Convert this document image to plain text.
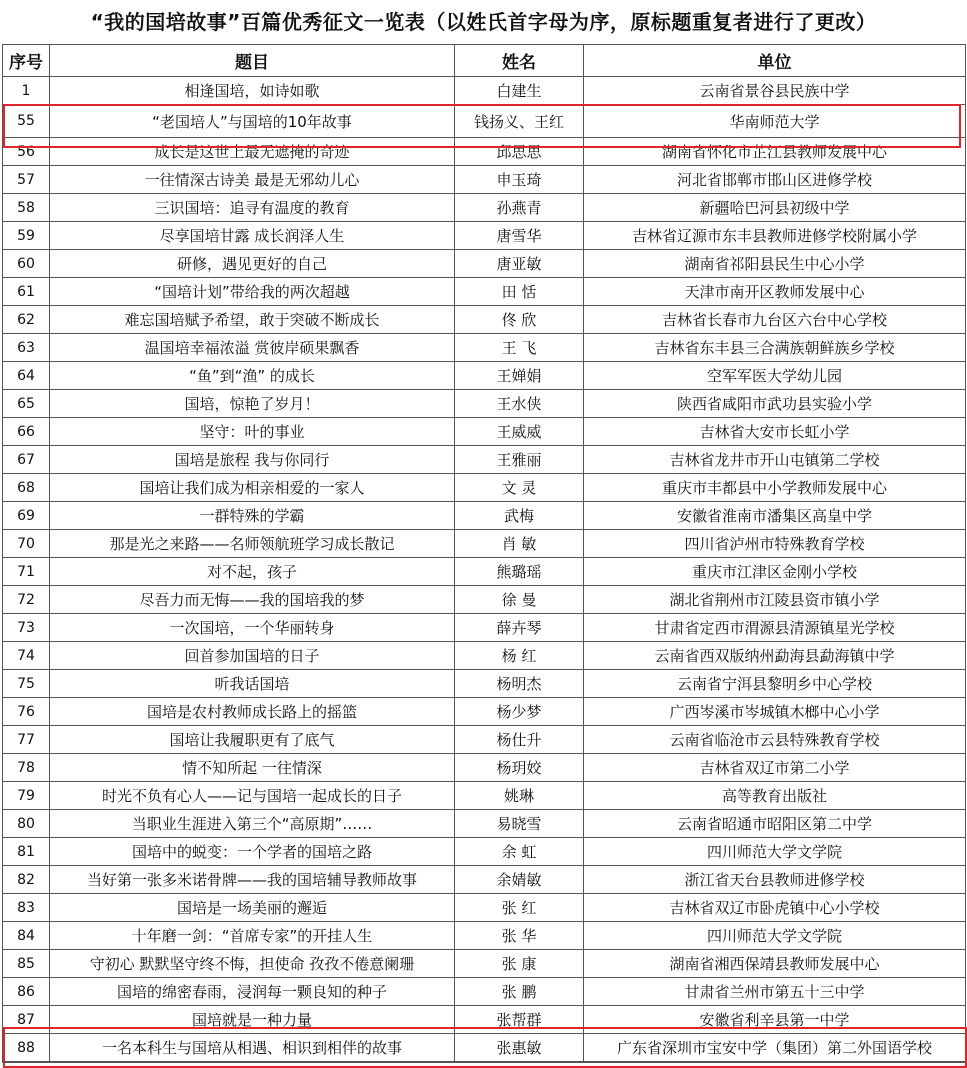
“我的国培故事”百篇优秀征文一览表（以姓氏首字母为序，原标题重复者进行了更改）
序号	题目	姓名	单位
1	相逢国培，如诗如歌	白建生	云南省景谷县民族中学
55	“老国培人”与国培的10年故事	钱扬义、王红	华南师范大学
56	成长是这世上最无遮掩的奇迹	邱思思	湖南省怀化市芷江县教师发展中心
57	一往情深古诗美 最是无邪幼儿心	申玉琦	河北省邯郸市邯山区进修学校
58	三识国培：追寻有温度的教育	孙燕青	新疆哈巴河县初级中学
59	尽享国培甘露 成长润泽人生	唐雪华	吉林省辽源市东丰县教师进修学校附属小学
60	研修，遇见更好的自己	唐亚敏	湖南省祁阳县民生中心小学
61	“国培计划”带给我的两次超越	田 恬	天津市南开区教师发展中心
62	难忘国培赋予希望，敢于突破不断成长	佟 欣	吉林省长春市九台区六台中心学校
63	温国培幸福浓溢 赏彼岸硕果飘香	王 飞	吉林省东丰县三合满族朝鲜族乡学校
64	“鱼”到“渔” 的成长	王婵娟	空军军医大学幼儿园
65	国培，惊艳了岁月！	王水侠	陕西省咸阳市武功县实验小学
66	坚守：叶的事业	王威威	吉林省大安市长虹小学
67	国培是旅程 我与你同行	王雅丽	吉林省龙井市开山屯镇第二学校
68	国培让我们成为相亲相爱的一家人	文 灵	重庆市丰都县中小学教师发展中心
69	一群特殊的学霸	武梅	安徽省淮南市潘集区高皇中学
70	那是光之来路——名师领航班学习成长散记	肖 敏	四川省泸州市特殊教育学校
71	对不起，孩子	熊璐瑶	重庆市江津区金刚小学校
72	尽吾力而无悔——我的国培我的梦	徐 曼	湖北省荆州市江陵县资市镇小学
73	一次国培，一个华丽转身	薛卉琴	甘肃省定西市渭源县清源镇星光学校
74	回首参加国培的日子	杨 红	云南省西双版纳州勐海县勐海镇中学
75	听我话国培	杨明杰	云南省宁洱县黎明乡中心学校
76	国培是农村教师成长路上的摇篮	杨少梦	广西岑溪市岑城镇木榔中心小学
77	国培让我履职更有了底气	杨仕升	云南省临沧市云县特殊教育学校
78	情不知所起 一往情深	杨玥姣	吉林省双辽市第二小学
79	时光不负有心人——记与国培一起成长的日子	姚琳	高等教育出版社
80	当职业生涯进入第三个“高原期”……	易晓雪	云南省昭通市昭阳区第二中学
81	国培中的蜕变：一个学者的国培之路	余 虹	四川师范大学文学院
82	当好第一张多米诺骨牌——我的国培辅导教师故事	余婧敏	浙江省天台县教师进修学校
83	国培是一场美丽的邂逅	张 红	吉林省双辽市卧虎镇中心小学校
84	十年磨一剑：“首席专家”的开挂人生	张 华	四川师范大学文学院
85	守初心 默默坚守终不悔，担使命 孜孜不倦意阑珊	张 康	湖南省湘西保靖县教师发展中心
86	国培的绵密春雨，浸润每一颗良知的种子	张 鹏	甘肃省兰州市第五十三中学
87	国培就是一种力量	张帮群	安徽省利辛县第一中学
88	一名本科生与国培从相遇、相识到相伴的故事	张惠敏	广东省深圳市宝安中学（集团）第二外国语学校
